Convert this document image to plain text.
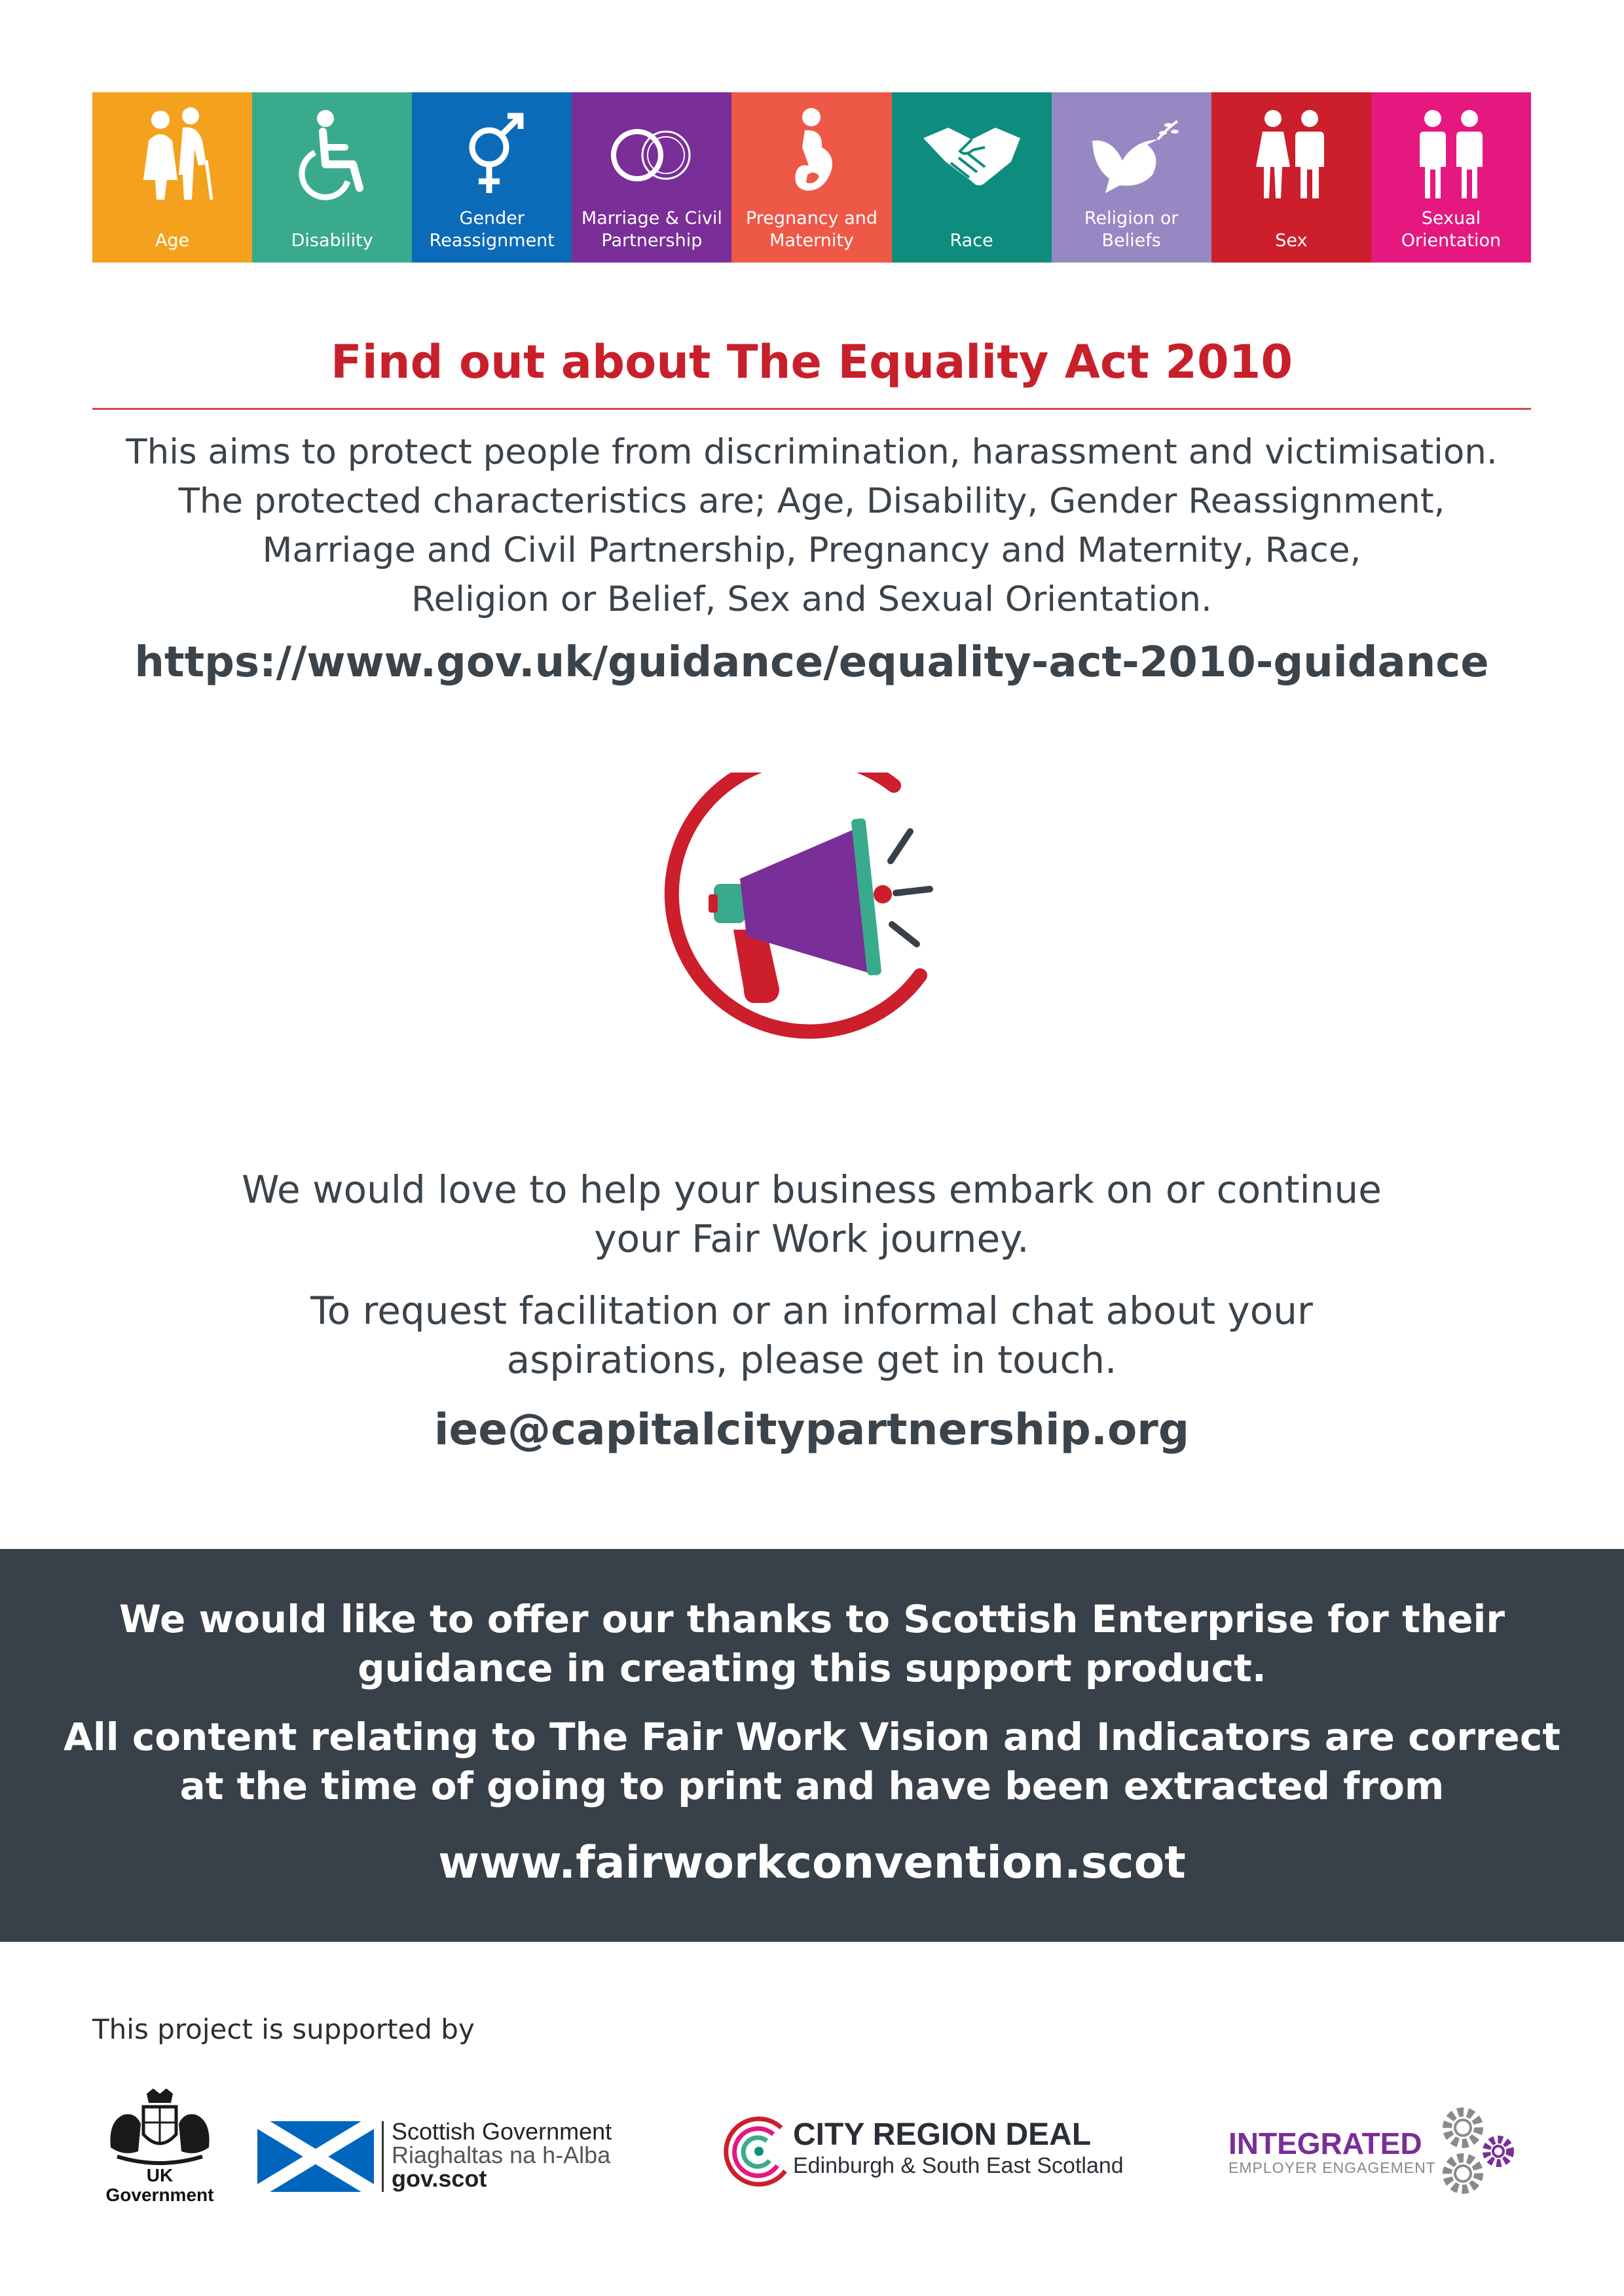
Age	Disability
Gender
Reassignment
Marriage & Civil
Partnership
Pregnancy and
Maternity	Race
Religion or
Beliefs	Sex
Sexual
Orientation
Find out about The Equality Act 2010
This aims to protect people from discrimination, harassment and victimisation.
The protected characteristics are; Age, Disability, Gender Reassignment,
Marriage and Civil Partnership, Pregnancy and Maternity, Race,
Religion or Belief, Sex and Sexual Orientation.
https://www.gov.uk/guidance/equality-act-2010-guidance
We would love to help your business embark on or continue
your Fair Work journey.
To request facilitation or an informal chat about your
aspirations, please get in touch.
iee@capitalcitypartnership.org
We would like to offer our thanks to Scottish Enterprise for their
guidance in creating this support product.
All content relating to The Fair Work Vision and Indicators are correct
at the time of going to print and have been extracted from
www.fairworkconvention.scot
This project is supported by
UK
Government
Scottish Government
Riaghaltas na h-Alba
gov.scot
CITY REGION DEAL
Edinburgh & South East Scotland
INTEGRATED
EMPLOYER ENGAGEMENT
